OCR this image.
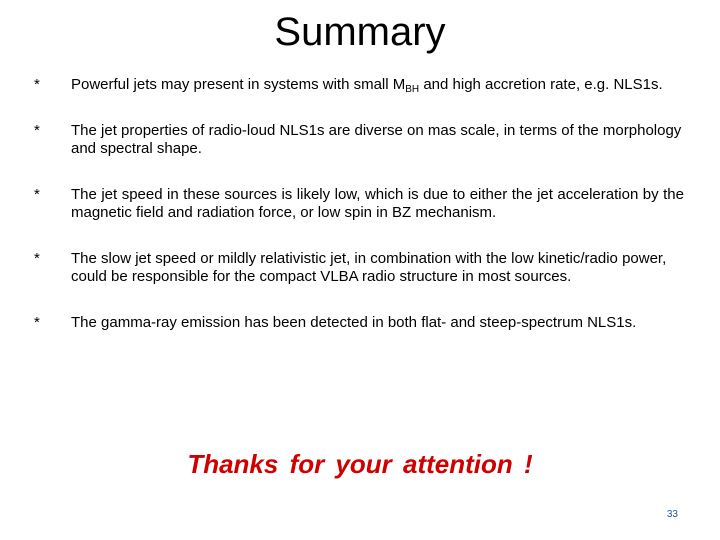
Summary
* Powerful jets may present in systems with small $M_{BH}$ and high accretion rate, e.g. NLS1s.
* The jet properties of radio-loud NLS1s are diverse on mas scale, in terms of the morphology and spectral shape.
* The jet speed in these sources is likely low, which is due to either the jet acceleration by the magnetic field and radiation force, or low spin in BZ mechanism.
* The slow jet speed or mildly relativistic jet, in combination with the low kinetic/radio power, could be responsible for the compact VLBA radio structure in most sources.
* The gamma-ray emission has been detected in both flat- and steep-spectrum NLS1s.
Thanks for your attention !
33
